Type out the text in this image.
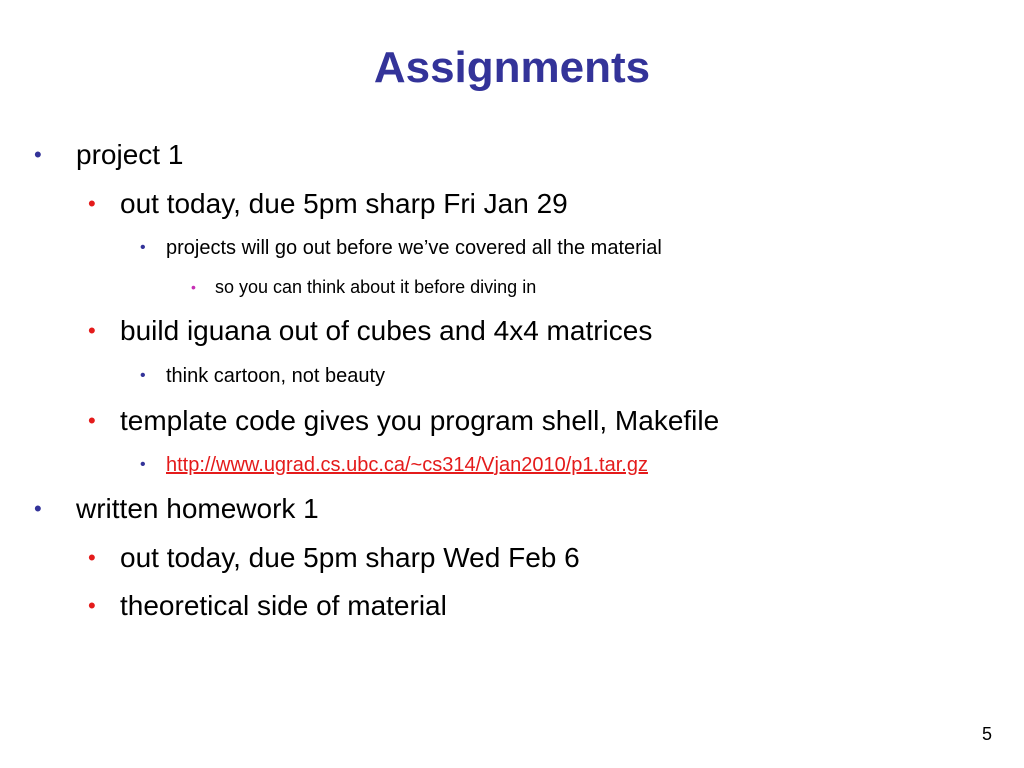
Assignments
• project 1
• out today, due 5pm sharp Fri Jan 29
• projects will go out before we’ve covered all the material
• so you can think about it before diving in
• build iguana out of cubes and 4x4 matrices
• think cartoon, not beauty
• template code gives you program shell, Makefile
• http://www.ugrad.cs.ubc.ca/~cs314/Vjan2010/p1.tar.gz
• written homework 1
• out today, due 5pm sharp Wed Feb 6
• theoretical side of material
5
